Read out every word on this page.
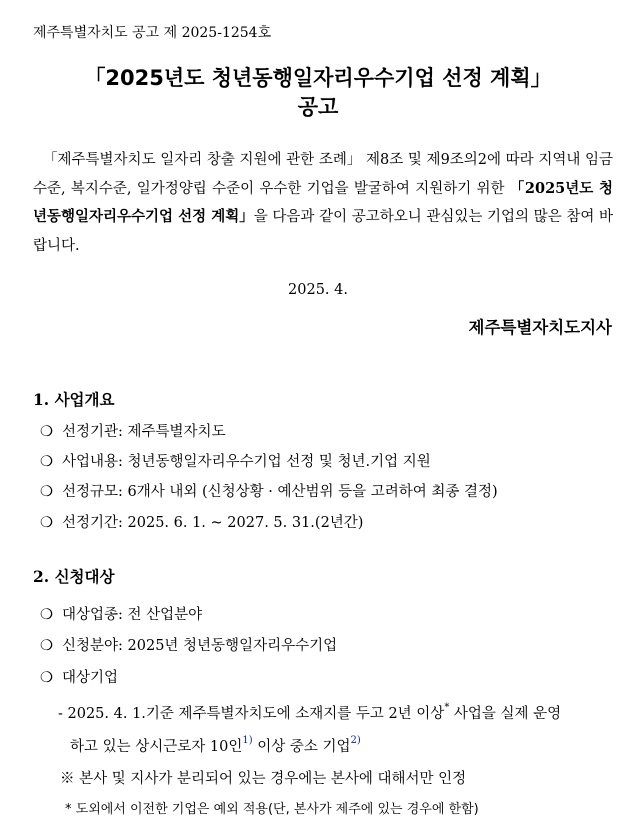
제주특별자치도 공고 제 2025-1254호
「2025년도 청년동행일자리우수기업 선정 계획」
공고
「제주특별자치도 일자리 창출 지원에 관한 조례」 제8조 및 제9조의2에 따라 지역내 임금수준, 복지수준, 일가정양립 수준이 우수한 기업을 발굴하여 지원하기 위한 「2025년도 청년동행일자리우수기업 선정 계획」을 다음과 같이 공고하오니 관심있는 기업의 많은 참여 바랍니다.
2025. 4.
제주특별자치도지사
1. 사업개요
❍ 선정기관: 제주특별자치도
❍ 사업내용: 청년동행일자리우수기업 선정 및 청년.기업 지원
❍ 선정규모: 6개사 내외 (신청상황 · 예산범위 등을 고려하여 최종 결정)
❍ 선정기간: 2025. 6. 1. ~ 2027. 5. 31.(2년간)
2. 신청대상
❍ 대상업종: 전 산업분야
❍ 신청분야: 2025년 청년동행일자리우수기업
❍ 대상기업
- 2025. 4. 1.기준 제주특별자치도에 소재지를 두고 2년 이상* 사업을 실제 운영
하고 있는 상시근로자 10인$^{1)}$ 이상 중소 기업$^{2)}$
※ 본사 및 지사가 분리되어 있는 경우에는 본사에 대해서만 인정
* 도외에서 이전한 기업은 예외 적용(단, 본사가 제주에 있는 경우에 한함)
